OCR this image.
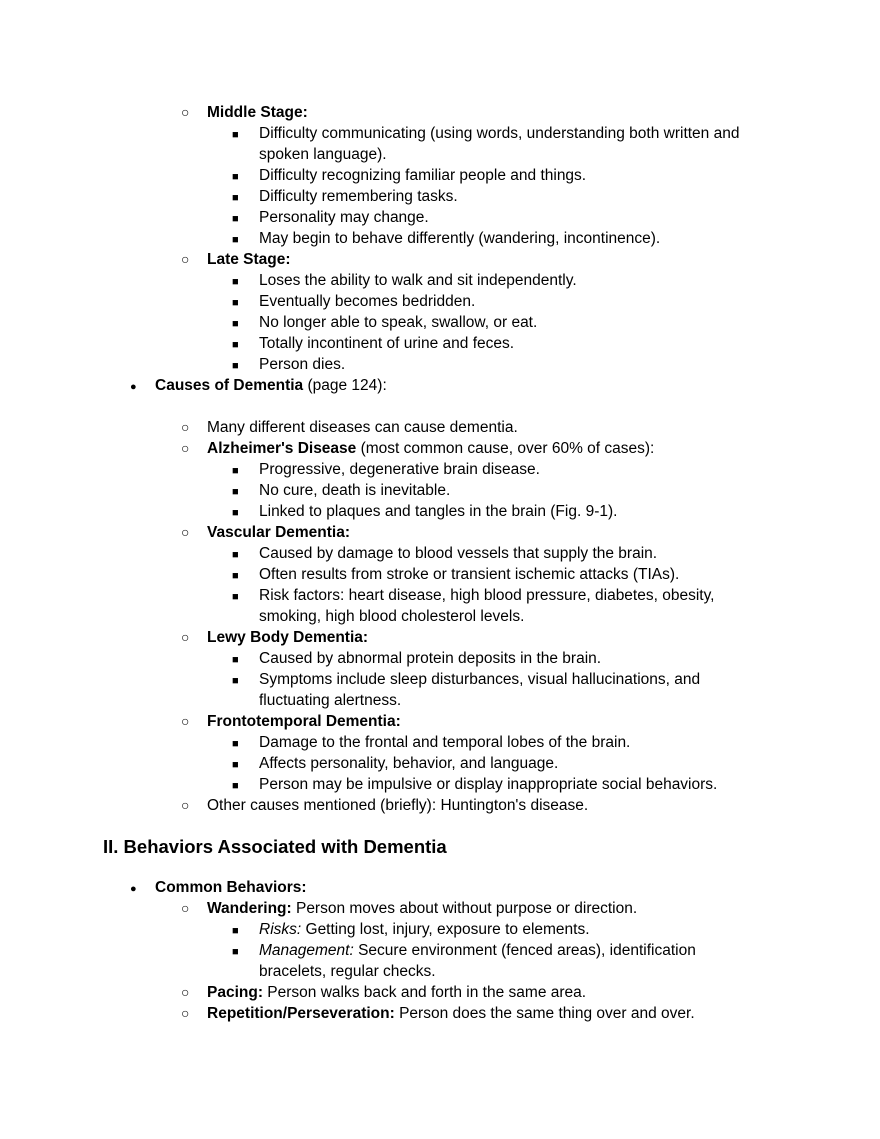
○
Middle Stage:
■
Difficulty communicating (using words, understanding both written and
spoken language).
■
Difficulty recognizing familiar people and things.
■
Difficulty remembering tasks.
■
Personality may change.
■
May begin to behave differently (wandering, incontinence).
○
Late Stage:
■
Loses the ability to walk and sit independently.
■
Eventually becomes bedridden.
■
No longer able to speak, swallow, or eat.
■
Totally incontinent of urine and feces.
■
Person dies.
●
Causes of Dementia (page 124):
○
Many different diseases can cause dementia.
○
Alzheimer's Disease (most common cause, over 60% of cases):
■
Progressive, degenerative brain disease.
■
No cure, death is inevitable.
■
Linked to plaques and tangles in the brain (Fig. 9-1).
○
Vascular Dementia:
■
Caused by damage to blood vessels that supply the brain.
■
Often results from stroke or transient ischemic attacks (TIAs).
■
Risk factors: heart disease, high blood pressure, diabetes, obesity,
smoking, high blood cholesterol levels.
○
Lewy Body Dementia:
■
Caused by abnormal protein deposits in the brain.
■
Symptoms include sleep disturbances, visual hallucinations, and
fluctuating alertness.
○
Frontotemporal Dementia:
■
Damage to the frontal and temporal lobes of the brain.
■
Affects personality, behavior, and language.
■
Person may be impulsive or display inappropriate social behaviors.
○
Other causes mentioned (briefly): Huntington's disease.
II. Behaviors Associated with Dementia
●
Common Behaviors:
○
Wandering: Person moves about without purpose or direction.
■
Risks: Getting lost, injury, exposure to elements.
■
Management: Secure environment (fenced areas), identification
bracelets, regular checks.
○
Pacing: Person walks back and forth in the same area.
○
Repetition/Perseveration: Person does the same thing over and over.
